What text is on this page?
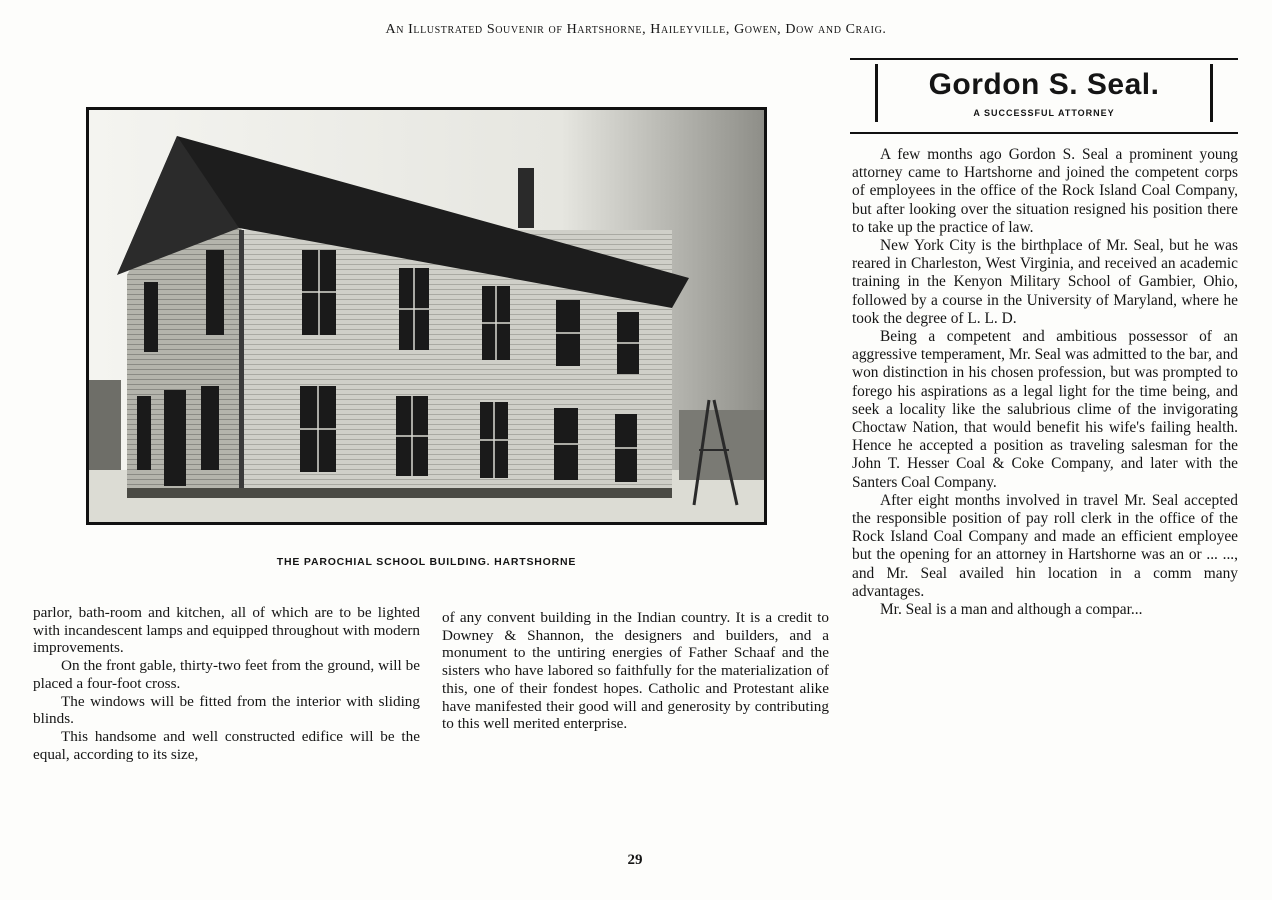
An Illustrated Souvenir of Hartshorne, Haileyville, Gowen, Dow and Craig.
THE PAROCHIAL SCHOOL BUILDING. HARTSHORNE

parlor, bath-room and kitchen, all of which are to be lighted with incandescent lamps and equipped throughout with modern improvements.

On the front gable, thirty-two feet from the ground, will be placed a four-foot cross.

The windows will be fitted from the interior with sliding blinds.

This handsome and well constructed edifice will be the equal, according to its size,

of any convent building in the Indian country. It is a credit to Downey & Shannon, the designers and builders, and a monument to the untiring energies of Father Schaaf and the sisters who have labored so faithfully for the materialization of this, one of their fondest hopes. Catholic and Protestant alike have manifested their good will and generosity by contributing to this well merited enterprise.

Gordon S. Seal.
A SUCCESSFUL ATTORNEY

A few months ago Gordon S. Seal a prominent young attorney came to Hartshorne and joined the competent corps of employees in the office of the Rock Island Coal Company, but after looking over the situation resigned his position there to take up the practice of law.

New York City is the birthplace of Mr. Seal, but he was reared in Charleston, West Virginia, and received an academic training in the Kenyon Military School of Gambier, Ohio, followed by a course in the University of Maryland, where he took the degree of L. L. D.

Being a competent and ambitious possessor of an aggressive temperament, Mr. Seal was admitted to the bar, and won distinction in his chosen profession, but was prompted to forego his aspirations as a legal light for the time being, and seek a locality like the salubrious clime of the invigorating Choctaw Nation, that would benefit his wife's failing health. Hence he accepted a position as traveling salesman for the John T. Hesser Coal & Coke Company, and later with the Santers Coal Company.

After eight months involved in travel Mr. Seal accepted the responsible position of pay roll clerk in the office of the Rock Island Coal Company and made an efficient employee but the opening for an attorney in Hartshorne was an or ... ..., and Mr. Seal availed hin location in a comm many advantages.

Mr. Seal is a man and although a compar...

29
